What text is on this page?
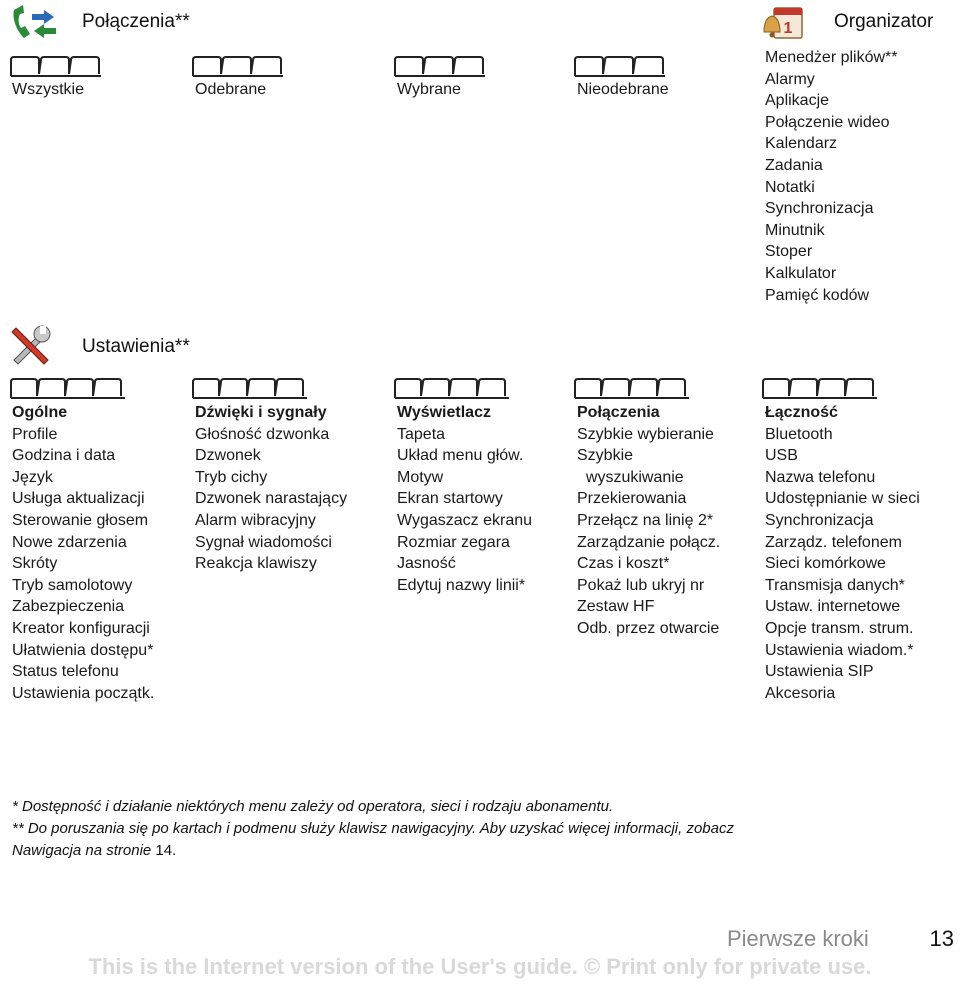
Połączenia**
Wszystkie	Odebrane	Wybrane	Nieodebrane
1 Organizator
Menedżer plików**
Alarmy
Aplikacje
Połączenie wideo
Kalendarz
Zadania
Notatki
Synchronizacja
Minutnik
Stoper
Kalkulator
Pamięć kodów
Ustawienia**
Ogólne
Profile
Godzina i data
Język
Usługa aktualizacji
Sterowanie głosem
Nowe zdarzenia
Skróty
Tryb samolotowy
Zabezpieczenia
Kreator konfiguracji
Ułatwienia dostępu*
Status telefonu
Ustawienia początk.
Dźwięki i sygnały
Głośność dzwonka
Dzwonek
Tryb cichy
Dzwonek narastający
Alarm wibracyjny
Sygnał wiadomości
Reakcja klawiszy
Wyświetlacz
Tapeta
Układ menu głów.
Motyw
Ekran startowy
Wygaszacz ekranu
Rozmiar zegara
Jasność
Edytuj nazwy linii*
Połączenia
Szybkie wybieranie
Szybkie
wyszukiwanie
Przekierowania
Przełącz na linię 2*
Zarządzanie połącz.
Czas i koszt*
Pokaż lub ukryj nr
Zestaw HF
Odb. przez otwarcie
Łączność
Bluetooth
USB
Nazwa telefonu
Udostępnianie w sieci
Synchronizacja
Zarządz. telefonem
Sieci komórkowe
Transmisja danych*
Ustaw. internetowe
Opcje transm. strum.
Ustawienia wiadom.*
Ustawienia SIP
Akcesoria
* Dostępność i działanie niektórych menu zależy od operatora, sieci i rodzaju abonamentu.
** Do poruszania się po kartach i podmenu służy klawisz nawigacyjny. Aby uzyskać więcej informacji, zobacz
Nawigacja na stronie 14.
Pierwsze kroki	13
This is the Internet version of the User's guide. © Print only for private use.
